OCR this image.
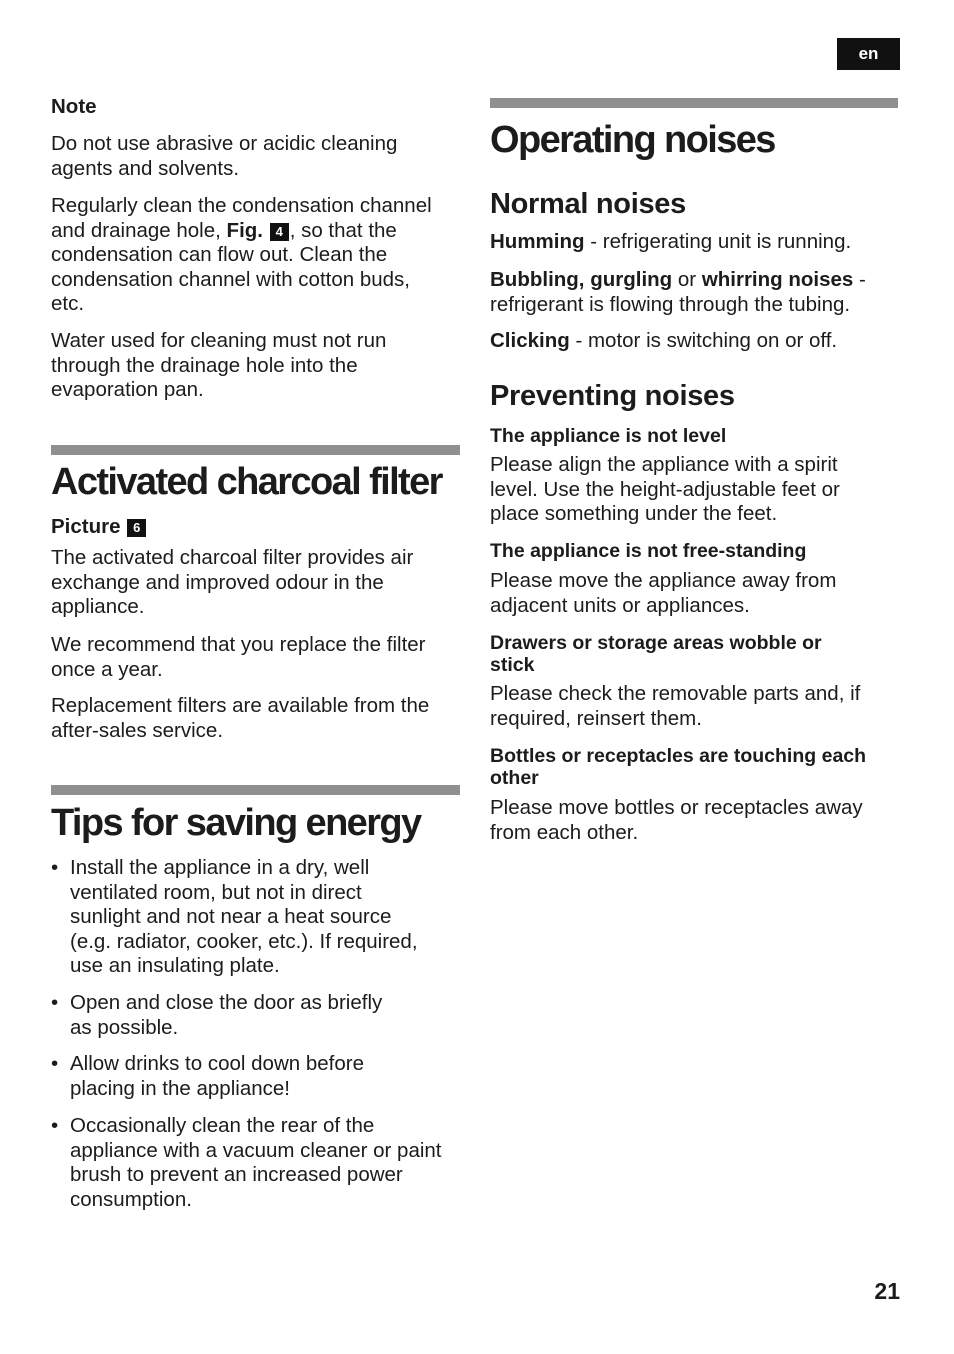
en
Note

Do not use abrasive or acidic cleaning agents and solvents.

Regularly clean the condensation channel and drainage hole, Fig. 4 , so that the condensation can flow out. Clean the condensation channel with cotton buds, etc.

Water used for cleaning must not run through the drainage hole into the evaporation pan.

Activated charcoal filter
Picture 6

The activated charcoal filter provides air exchange and improved odour in the appliance.

We recommend that you replace the filter once a year.

Replacement filters are available from the after-sales service.

Tips for saving energy
• Install the appliance in a dry, well ventilated room, but not in direct sunlight and not near a heat source (e.g. radiator, cooker, etc.). If required, use an insulating plate.
• Open and close the door as briefly as possible.
• Allow drinks to cool down before placing in the appliance!
• Occasionally clean the rear of the appliance with a vacuum cleaner or paint brush to prevent an increased power consumption.
Operating noises
Normal noises

Humming - refrigerating unit is running.

Bubbling, gurgling or whirring noises - refrigerant is flowing through the tubing.

Clicking - motor is switching on or off.

Preventing noises
The appliance is not level

Please align the appliance with a spirit level. Use the height-adjustable feet or place something under the feet.

The appliance is not free-standing

Please move the appliance away from adjacent units or appliances.

Drawers or storage areas wobble or stick

Please check the removable parts and, if required, reinsert them.

Bottles or receptacles are touching each other

Please move bottles or receptacles away from each other.

21
